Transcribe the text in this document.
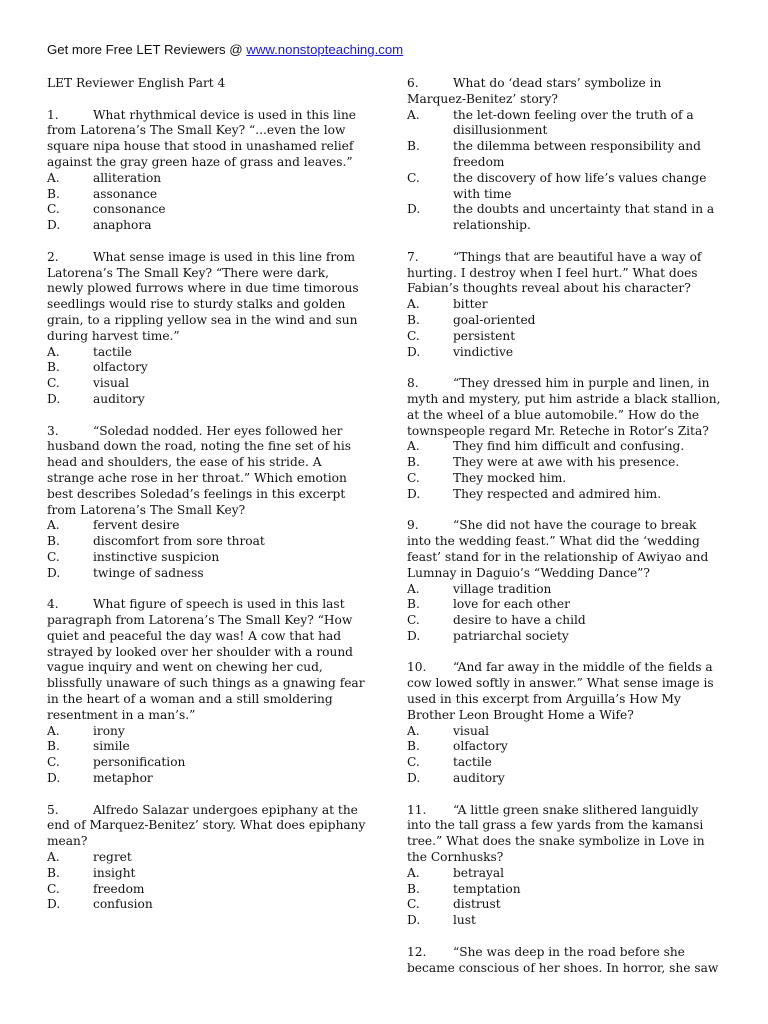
Get more Free LET Reviewers @ www.nonstopteaching.com
LET Reviewer English Part 4

1.	What rhythmical device is used in this line from Latorena’s The Small Key? “...even the low square nipa house that stood in unashamed relief against the gray green haze of grass and leaves.”

A.	alliteration
B.	assonance
C.	consonance
D.	anaphora

2.	What sense image is used in this line from Latorena’s The Small Key? “There were dark, newly plowed furrows where in due time timorous seedlings would rise to sturdy stalks and golden grain, to a rippling yellow sea in the wind and sun during harvest time.”

A.	tactile
B.	olfactory
C.	visual
D.	auditory

3.	“Soledad nodded. Her eyes followed her husband down the road, noting the fine set of his head and shoulders, the ease of his stride. A strange ache rose in her throat.” Which emotion best describes Soledad’s feelings in this excerpt from Latorena’s The Small Key?

A.	fervent desire
B.	discomfort from sore throat
C.	instinctive suspicion
D.	twinge of sadness

4.	What figure of speech is used in this last paragraph from Latorena’s The Small Key? “How quiet and peaceful the day was! A cow that had strayed by looked over her shoulder with a round vague inquiry and went on chewing her cud, blissfully unaware of such things as a gnawing fear in the heart of a woman and a still smoldering resentment in a man’s.”

A.	irony
B.	simile
C.	personification
D.	metaphor

5.	Alfredo Salazar undergoes epiphany at the end of Marquez-Benitez’ story. What does epiphany mean?

A.	regret
B.	insight
C.	freedom
D.	confusion

6.	What do ‘dead stars’ symbolize in Marquez-Benitez’ story?

A.	the let-down feeling over the truth of a disillusionment
B.	the dilemma between responsibility and freedom
C.	the discovery of how life’s values change with time
D.	the doubts and uncertainty that stand in a relationship.

7.	“Things that are beautiful have a way of hurting. I destroy when I feel hurt.” What does Fabian’s thoughts reveal about his character?

A.	bitter
B.	goal-oriented
C.	persistent
D.	vindictive

8.	“They dressed him in purple and linen, in myth and mystery, put him astride a black stallion, at the wheel of a blue automobile.” How do the townspeople regard Mr. Reteche in Rotor’s Zita?

A.	They find him difficult and confusing.
B.	They were at awe with his presence.
C.	They mocked him.
D.	They respected and admired him.

9.	“She did not have the courage to break into the wedding feast.” What did the ‘wedding feast’ stand for in the relationship of Awiyao and Lumnay in Daguio’s “Wedding Dance”?

A.	village tradition
B.	love for each other
C.	desire to have a child
D.	patriarchal society

10. “And far away in the middle of the fields a cow lowed softly in answer.” What sense image is used in this excerpt from Arguilla’s How My Brother Leon Brought Home a Wife?

A.	visual
B.	olfactory
C.	tactile
D.	auditory

11. “A little green snake slithered languidly into the tall grass a few yards from the kamansi tree.” What does the snake symbolize in Love in the Cornhusks?

A.	betrayal
B.	temptation
C.	distrust
D.	lust

12. “She was deep in the road before she became conscious of her shoes. In horror, she saw
